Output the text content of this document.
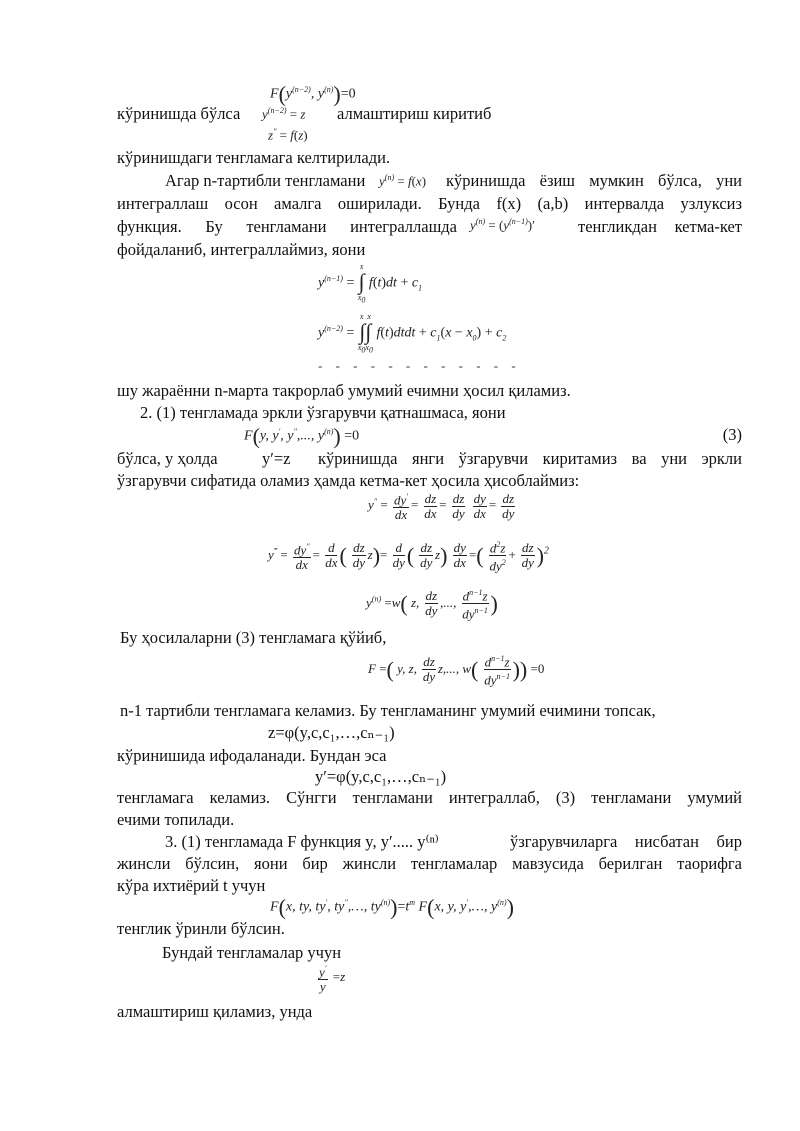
$F(y^{(n-2)}$, $y^{(n)})=0$
кўринишда бўлса $y^{(n-2)} = z$ алмаштириш киритиб
z″ = f(z)
кўринишдаги тенгламага келтирилади.
Агар n-тартибли тенгламани $y^{(n)} = f(x)$ кўринишда ёзиш мумкин бўлса, уни
интеграллаш осон амалга оширилади. Бунда f(x) (a,b) интервалда узлуксиз
функция. Бу тенгламани интеграллашда $y^{(n)} = (y^{(n-1)})'$	тенгликдан кетма-кет
фойдаланиб, интеграллаймиз, яони
$y^{(n-1)}$ =
x
∫
$x_0$
$f(t)dt + c_1$
$y^{(n-2)}$ =
x  x
∫∫
$x_0x_0$
f(t)dtdt + $c_1(x - x_0) + c_2$
- - - - - - - - - - - -
шу жараённи n-марта такрорлаб умумий ечимни ҳосил қиламиз.
2. (1) тенгламада эркли ўзгарувчи қатнашмаса, яони
F(y, y′, y″,..., $y^{(n)}) =0$	(3)
бўлса, у ҳолда	y′=z кўринишда янги ўзгарувчи киритамиз ва уни эркли
ўзгарувчи сифатида оламиз ҳамда кетма-кет ҳосила ҳисоблаймиз:
$y'' = \frac{dy'}{dx} = \frac{dz}{dx} = \frac{dz}{dy}$
$\frac{dy}{dx} = \frac{dz}{dy}$
$y^‴ = \frac{dy''}{dx} = \frac{d}{dx}$ ( $\frac{dz}{dy} z)= \frac{d}{dy}$ ( $\frac{dz}{dy} z) \frac{dy}{dx}$ =( $\frac{d^2z}{dy^2} + \frac{dz}{dy} )^2$
$y^{(n)} =w$( z, $\frac{dz}{dy}$ ,..., $\frac{d^{n-1}z}{dy^{n-1}}$ )
Бу ҳосилаларни (3) тенгламага қўйиб,
F =( y, z, $\frac{dz}{dy} z$,..., $w( \frac{d^{n-1}z}{dy^{n-1}}$ )) =0
n-1 тартибли тенгламага келамиз. Бу тенгламанинг умумий ечимини топсак,
z=φ(y,c,c₁,…,cₙ₋₁)
кўринишида ифодаланади. Бундан эса
y′=φ(y,c,c₁,…,cₙ₋₁)
тенгламага келамиз. Сўнгги тенгламани интеграллаб, (3) тенгламани умумий
ечими топилади.
3. (1) тенгламада F функция y, y′..... y⁽ⁿ⁾	ўзгарувчиларга нисбатан бир
жинсли бўлсин, яони бир жинсли тенгламалар мавзусида берилган таорифга
кўра ихтиёрий t учун
F(x, ty, ty′, ty″,…, $ty^{(n)})=t^m$ F(x, y, y′,…, $y^{(n)}$)
тенглик ўринли бўлсин.
Бундай тенгламалар учун
$\frac{y'}{y} =z$
алмаштириш қиламиз, унда
